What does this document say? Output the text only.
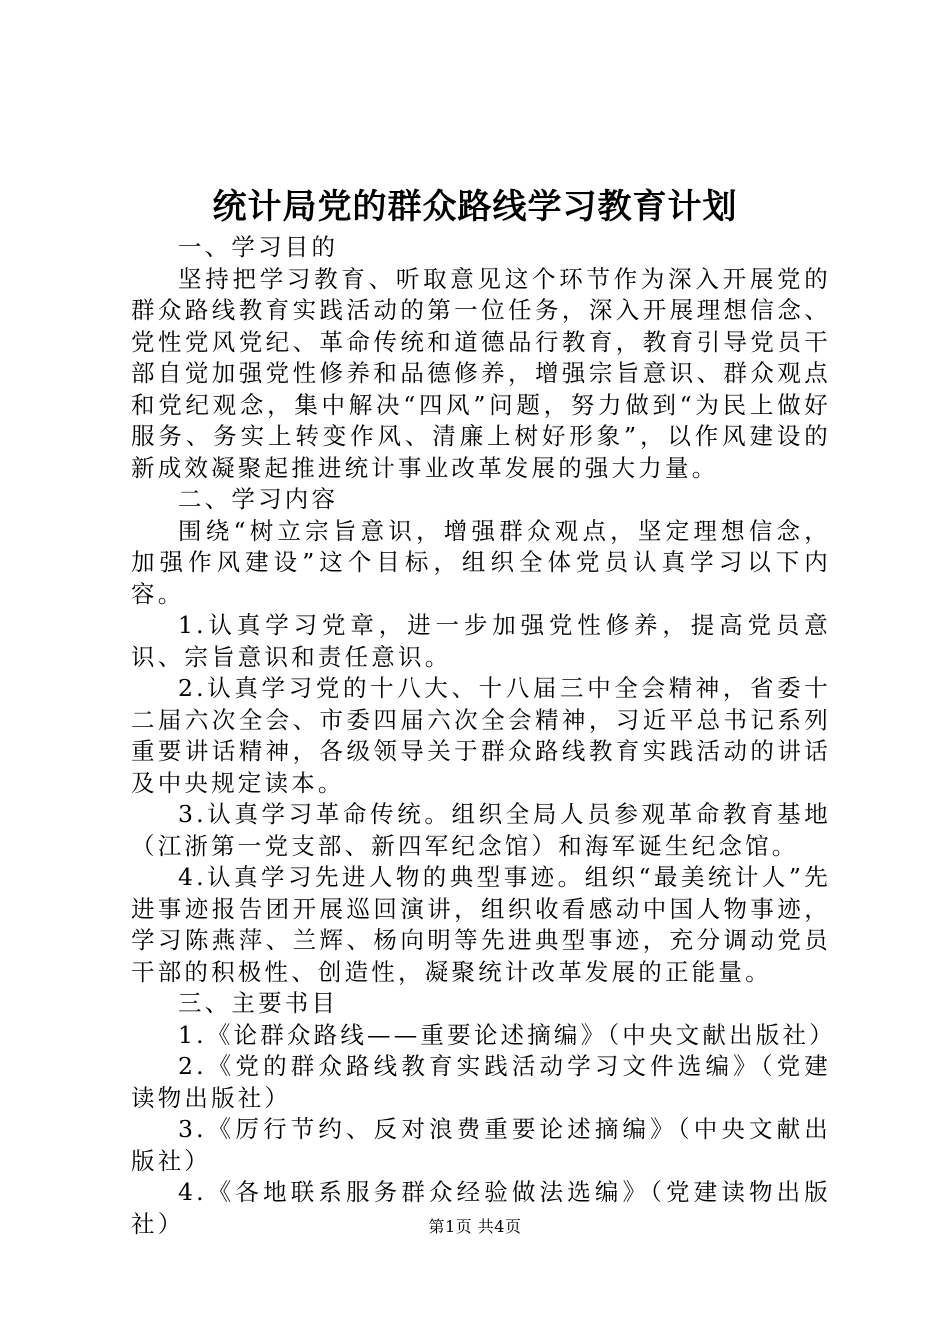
统计局党的群众路线学习教育计划

一、学习目的

坚持把学习教育、听取意见这个环节作为深入开展党的群众路线教育实践活动的第一位任务，深入开展理想信念、党性党风党纪、革命传统和道德品行教育，教育引导党员干部自觉加强党性修养和品德修养，增强宗旨意识、群众观点和党纪观念，集中解决“四风”问题，努力做到“为民上做好服务、务实上转变作风、清廉上树好形象”，以作风建设的新成效凝聚起推进统计事业改革发展的强大力量。

二、学习内容

围绕“树立宗旨意识，增强群众观点，坚定理想信念，加强作风建设”这个目标，组织全体党员认真学习以下内容。

1.认真学习党章，进一步加强党性修养，提高党员意识、宗旨意识和责任意识。

2.认真学习党的十八大、十八届三中全会精神，省委十二届六次全会、市委四届六次全会精神，习近平总书记系列重要讲话精神，各级领导关于群众路线教育实践活动的讲话及中央规定读本。

3.认真学习革命传统。组织全局人员参观革命教育基地（江浙第一党支部、新四军纪念馆）和海军诞生纪念馆。

4.认真学习先进人物的典型事迹。组织“最美统计人”先进事迹报告团开展巡回演讲，组织收看感动中国人物事迹，学习陈燕萍、兰辉、杨向明等先进典型事迹，充分调动党员干部的积极性、创造性，凝聚统计改革发展的正能量。

三、主要书目

1.《论群众路线——重要论述摘编》（中央文献出版社）

2.《党的群众路线教育实践活动学习文件选编》（党建读物出版社）

3.《厉行节约、反对浪费重要论述摘编》（中央文献出版社）

4.《各地联系服务群众经验做法选编》（党建读物出版社）	第1页 共4页
